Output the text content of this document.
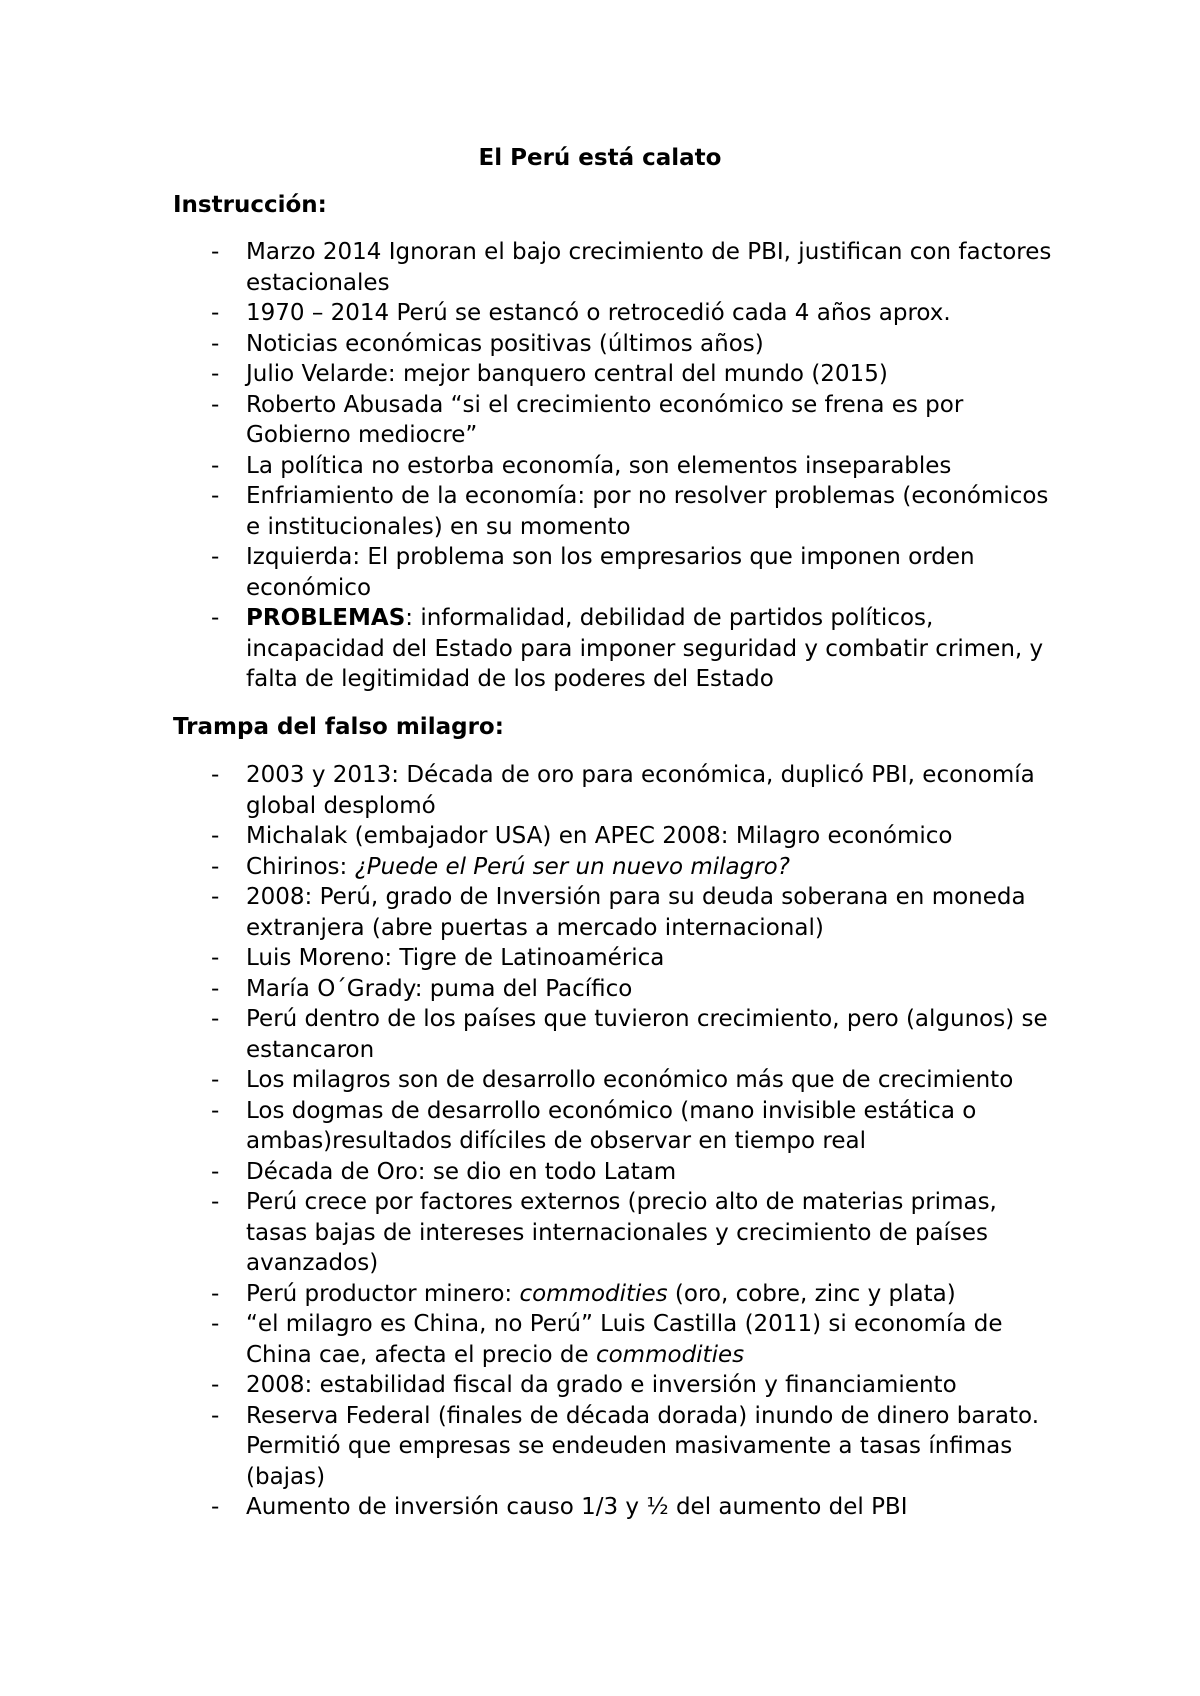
El Perú está calato
Instrucción:
- Marzo 2014 Ignoran el bajo crecimiento de PBI, justifican con factores estacionales
- 1970 – 2014 Perú se estancó o retrocedió cada 4 años aprox.
- Noticias económicas positivas (últimos años)
- Julio Velarde: mejor banquero central del mundo (2015)
- Roberto Abusada “si el crecimiento económico se frena es por Gobierno mediocre”
- La política no estorba economía, son elementos inseparables
- Enfriamiento de la economía: por no resolver problemas (económicos e institucionales) en su momento
- Izquierda: El problema son los empresarios que imponen orden económico
- PROBLEMAS: informalidad, debilidad de partidos políticos, incapacidad del Estado para imponer seguridad y combatir crimen, y falta de legitimidad de los poderes del Estado
Trampa del falso milagro:
- 2003 y 2013: Década de oro para económica, duplicó PBI, economía global desplomó
- Michalak (embajador USA) en APEC 2008: Milagro económico
- Chirinos: ¿Puede el Perú ser un nuevo milagro?
- 2008: Perú, grado de Inversión para su deuda soberana en moneda extranjera (abre puertas a mercado internacional)
- Luis Moreno: Tigre de Latinoamérica
- María O´Grady: puma del Pacífico
- Perú dentro de los países que tuvieron crecimiento, pero (algunos) se estancaron
- Los milagros son de desarrollo económico más que de crecimiento
- Los dogmas de desarrollo económico (mano invisible estática o ambas)resultados difíciles de observar en tiempo real
- Década de Oro: se dio en todo Latam
- Perú crece por factores externos (precio alto de materias primas, tasas bajas de intereses internacionales y crecimiento de países avanzados)
- Perú productor minero: commodities (oro, cobre, zinc y plata)
- “el milagro es China, no Perú” Luis Castilla (2011) si economía de China cae, afecta el precio de commodities
- 2008: estabilidad fiscal da grado e inversión y financiamiento
- Reserva Federal (finales de década dorada) inundo de dinero barato. Permitió que empresas se endeuden masivamente a tasas ínfimas (bajas)
- Aumento de inversión causo 1/3 y ½ del aumento del PBI
